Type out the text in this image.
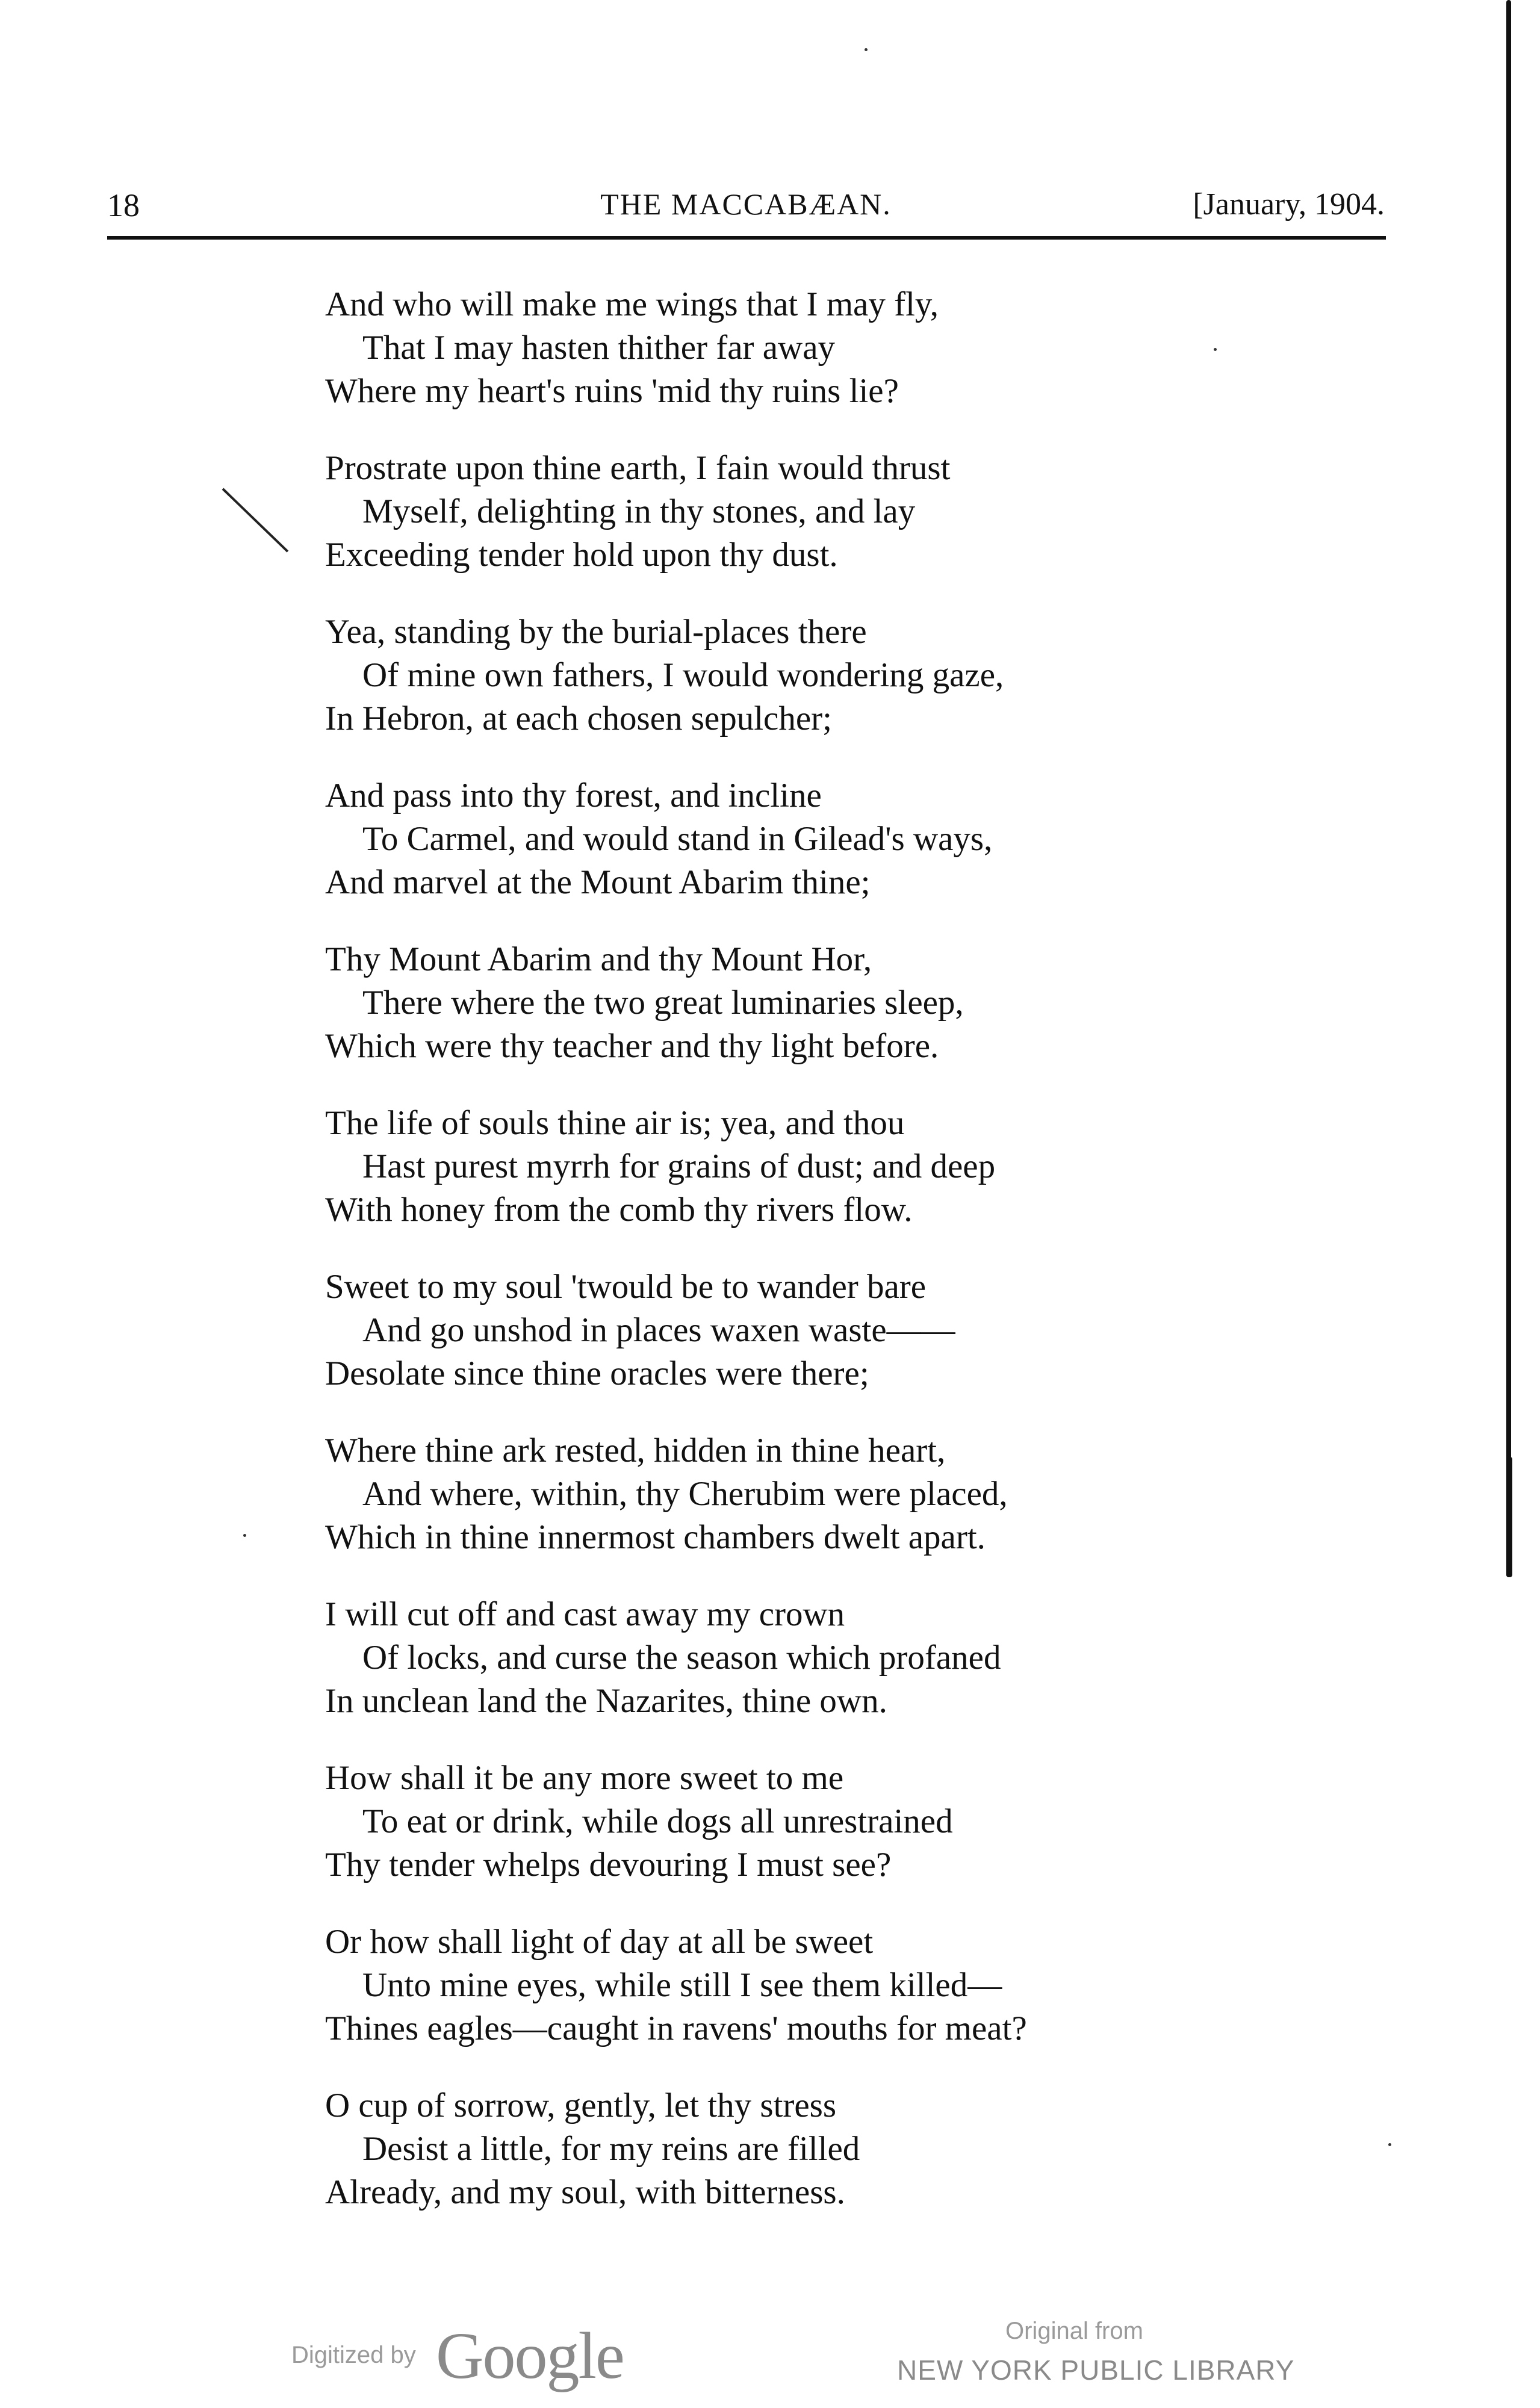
18	THE MACCABÆAN.	[January, 1904.
And who will make me wings that I may fly,
That I may hasten thither far away
Where my heart's ruins 'mid thy ruins lie?
Prostrate upon thine earth, I fain would thrust
Myself, delighting in thy stones, and lay
Exceeding tender hold upon thy dust.
Yea, standing by the burial-places there
Of mine own fathers, I would wondering gaze,
In Hebron, at each chosen sepulcher;
And pass into thy forest, and incline
To Carmel, and would stand in Gilead's ways,
And marvel at the Mount Abarim thine;
Thy Mount Abarim and thy Mount Hor,
There where the two great luminaries sleep,
Which were thy teacher and thy light before.
The life of souls thine air is; yea, and thou
Hast purest myrrh for grains of dust; and deep
With honey from the comb thy rivers flow.
Sweet to my soul 'twould be to wander bare
And go unshod in places waxen waste——
Desolate since thine oracles were there;
Where thine ark rested, hidden in thine heart,
And where, within, thy Cherubim were placed,
Which in thine innermost chambers dwelt apart.
I will cut off and cast away my crown
Of locks, and curse the season which profaned
In unclean land the Nazarites, thine own.
How shall it be any more sweet to me
To eat or drink, while dogs all unrestrained
Thy tender whelps devouring I must see?
Or how shall light of day at all be sweet
Unto mine eyes, while still I see them killed—
Thines eagles—caught in ravens' mouths for meat?
O cup of sorrow, gently, let thy stress
Desist a little, for my reins are filled
Already, and my soul, with bitterness.
Digitized by Google	Original from
NEW YORK PUBLIC LIBRARY
